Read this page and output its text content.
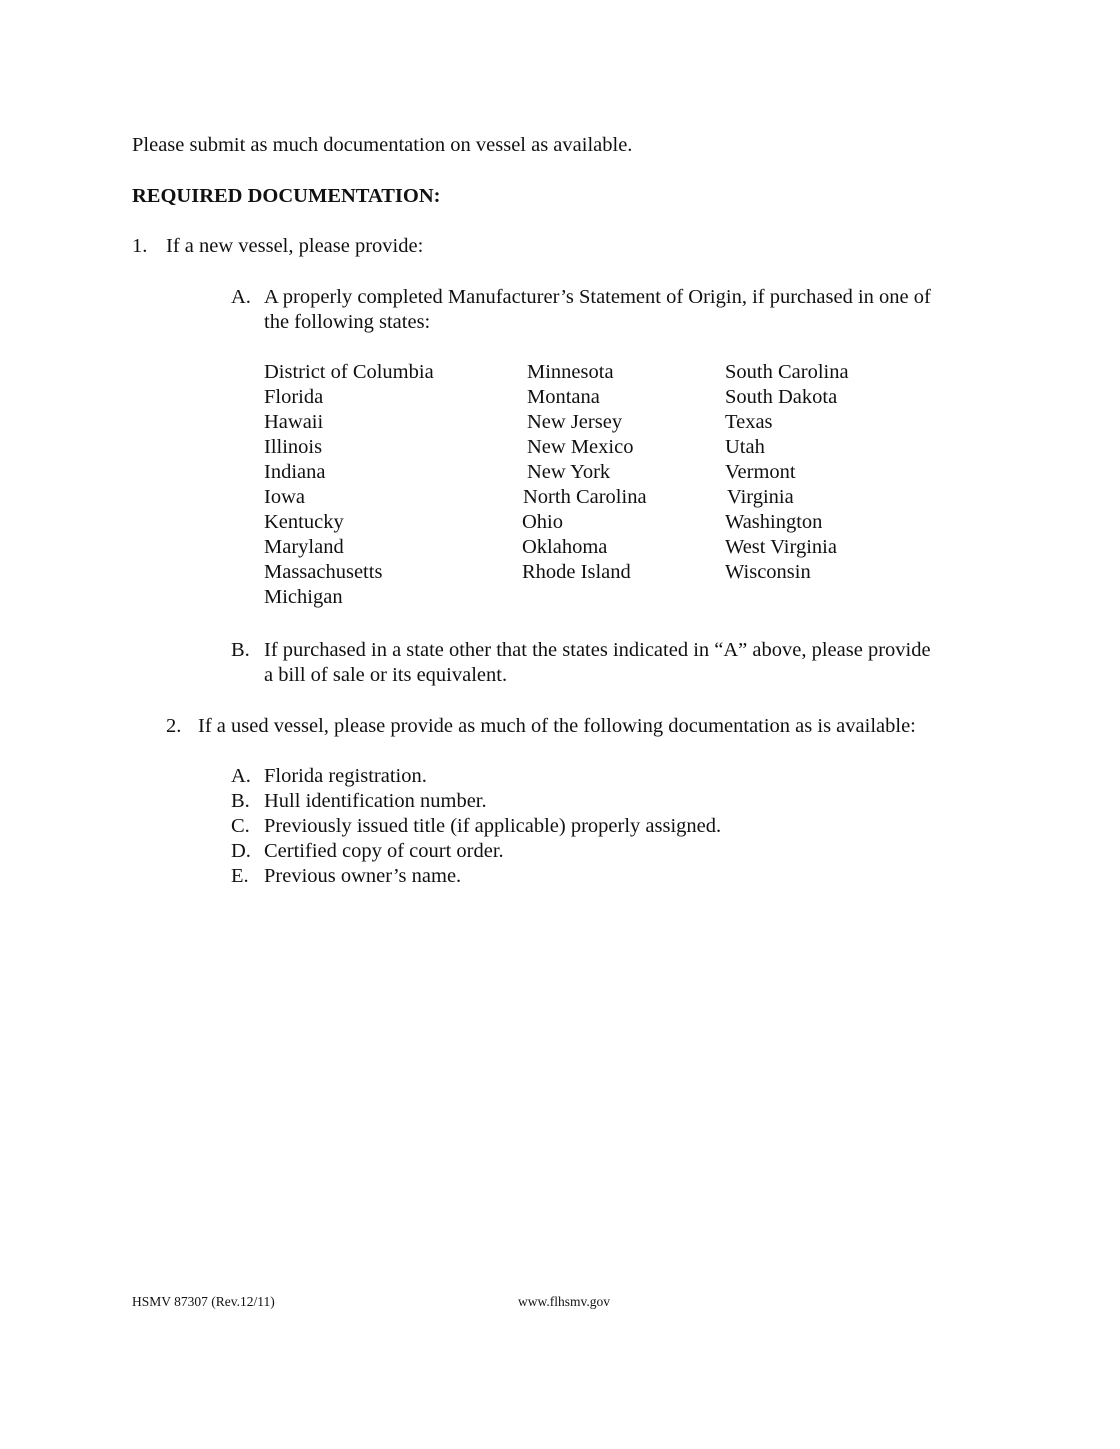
Please submit as much documentation on vessel as available.
REQUIRED DOCUMENTATION:
1. If a new vessel, please provide:
A. A properly completed Manufacturer’s Statement of Origin, if purchased in one of
the following states:
District of Columbia
Florida
Hawaii
Illinois
Indiana
Iowa
Kentucky
Maryland
Massachusetts
Michigan
Minnesota
Montana
New Jersey
New Mexico
New York
North Carolina
Ohio
Oklahoma
Rhode Island
South Carolina
South Dakota
Texas
Utah
Vermont
Virginia
Washington
West Virginia
Wisconsin
B. If purchased in a state other that the states indicated in “A” above, please provide
a bill of sale or its equivalent.
2. If a used vessel, please provide as much of the following documentation as is available:
A. Florida registration.
B. Hull identification number.
C. Previously issued title (if applicable) properly assigned.
D. Certified copy of court order.
E. Previous owner’s name.
HSMV 87307 (Rev.12/11)	www.flhsmv.gov
